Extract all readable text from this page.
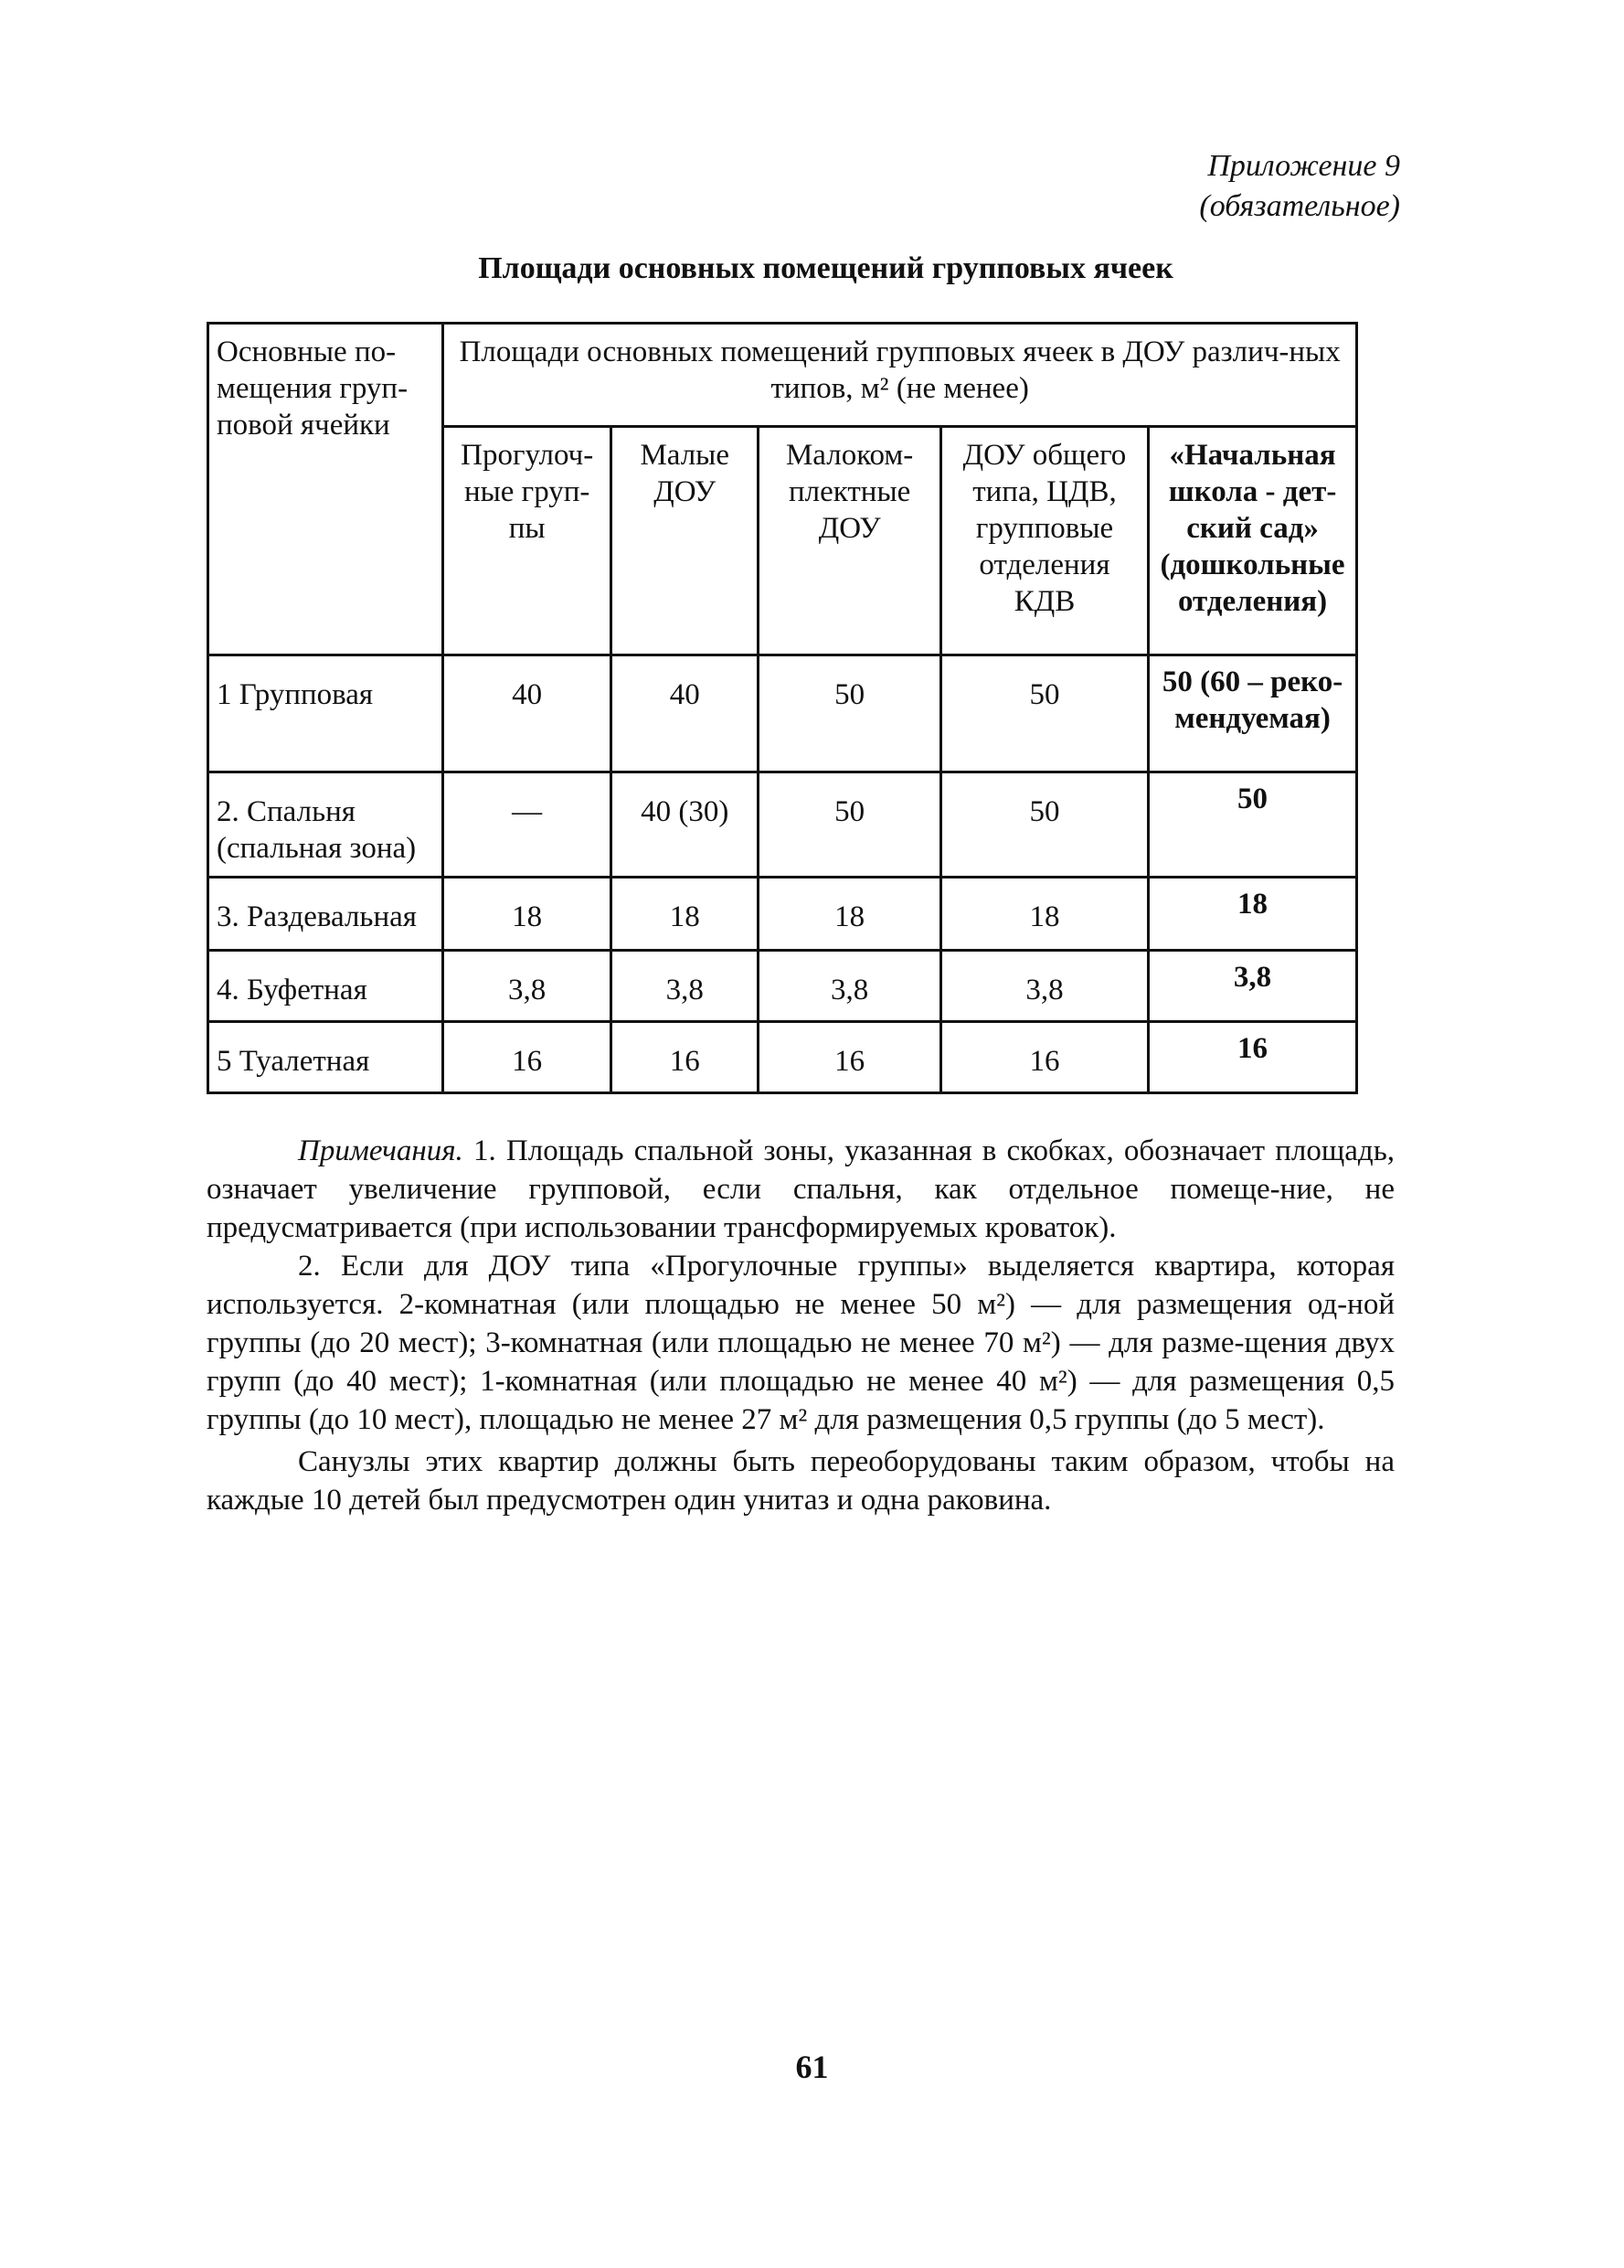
Приложение 9
(обязательное)
Площади основных помещений групповых ячеек
Основные по-мещения груп-повой ячейки	Площади основных помещений групповых ячеек в ДОУ различ-ных типов, м² (не менее)				
	Прогулоч-ные груп-пы	Малые ДОУ	Малоком-плектные ДОУ	ДОУ общего типа, ЦДВ, групповые отделения КДВ	«Начальная школа - дет-ский сад» (дошкольные отделения)
1 Групповая	40	40	50	50	50 (60 – реко-мендуемая)
2. Спальня (спальная зона)	—	40 (30)	50	50	50
3. Раздевальная	18	18	18	18	18
4. Буфетная	3,8	3,8	3,8	3,8	3,8
5 Туалетная	16	16	16	16	16

Примечания. 1. Площадь спальной зоны, указанная в скобках, обозначает площадь, означает увеличение групповой, если спальня, как отдельное помеще-ние, не предусматривается (при использовании трансформируемых кроваток).

2. Если для ДОУ типа «Прогулочные группы» выделяется квартира, которая используется. 2-комнатная (или площадью не менее 50 м²) — для размещения од-ной группы (до 20 мест); 3-комнатная (или площадью не менее 70 м²) — для разме-щения двух групп (до 40 мест); 1-комнатная (или площадью не менее 40 м²) — для размещения 0,5 группы (до 10 мест), площадью не менее 27 м² для размещения 0,5 группы (до 5 мест).

Санузлы этих квартир должны быть переоборудованы таким образом, чтобы на каждые 10 детей был предусмотрен один унитаз и одна раковина.

61
